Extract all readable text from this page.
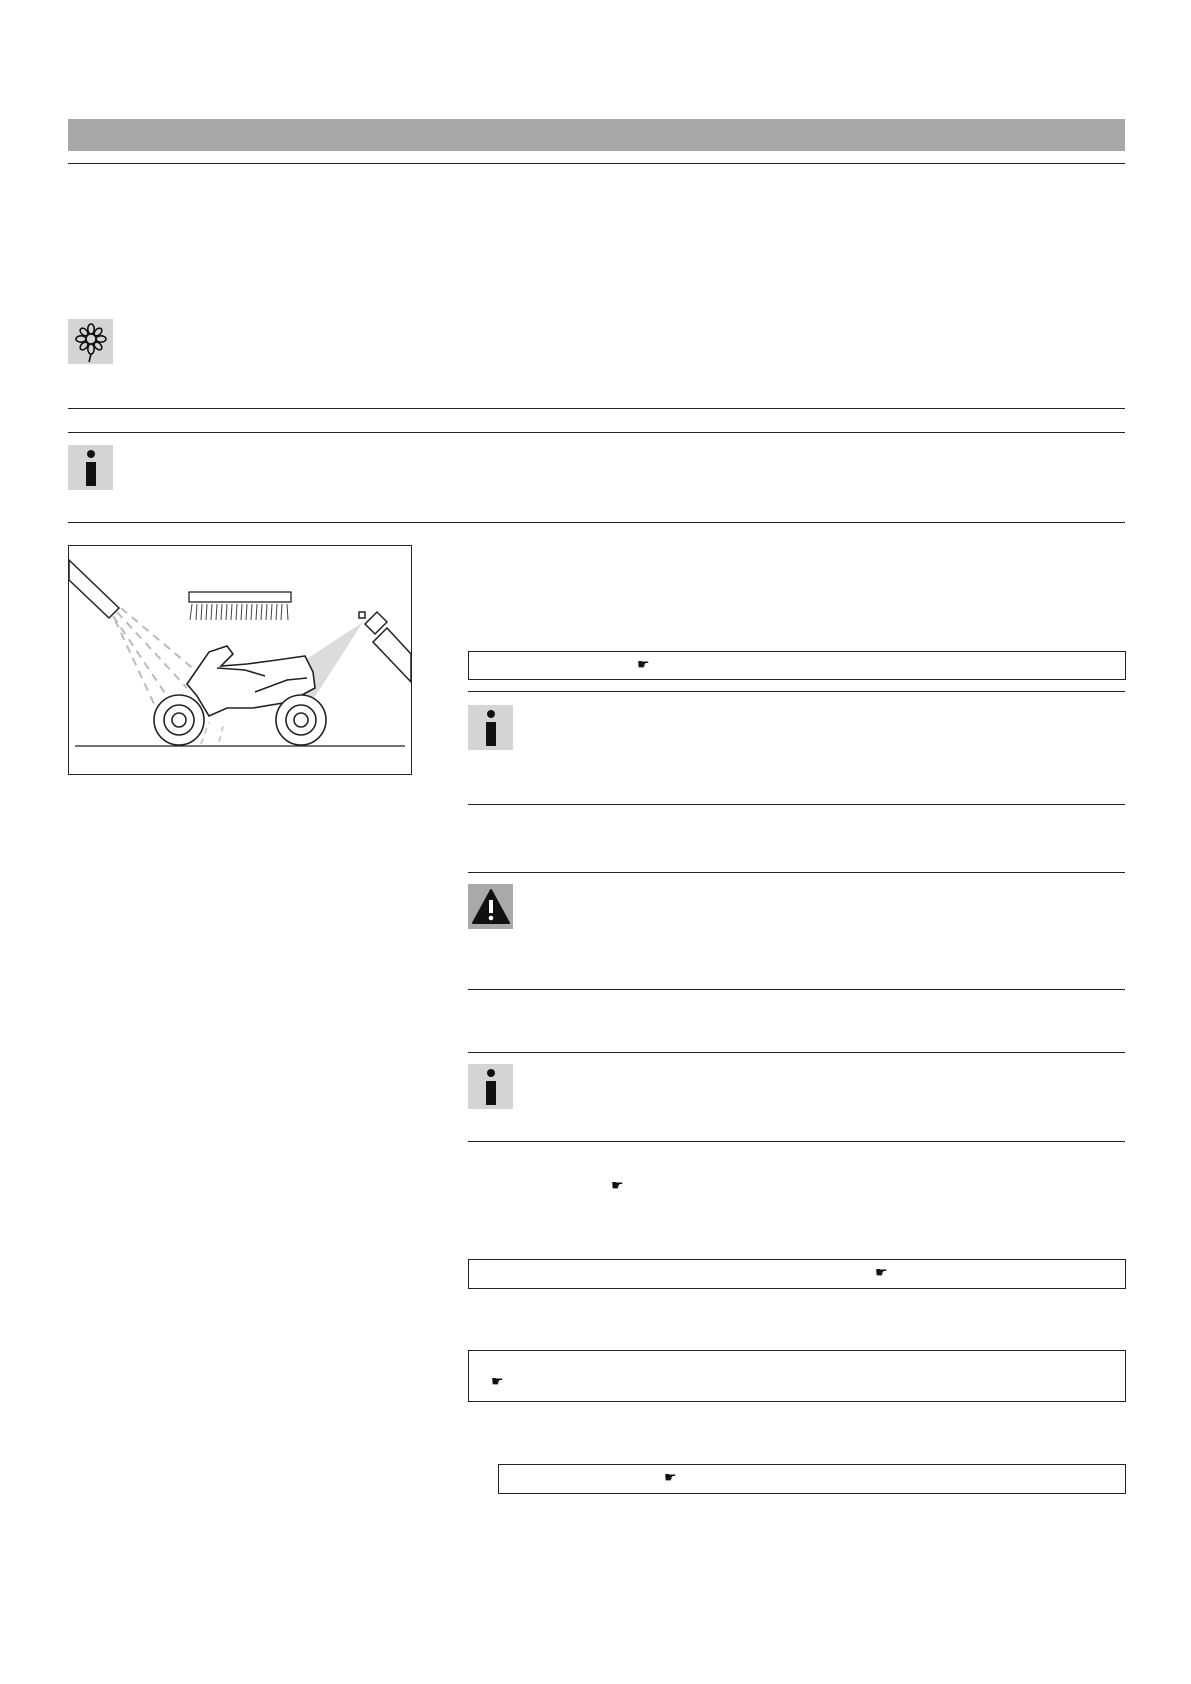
☛
☛
☛
☛
☛
